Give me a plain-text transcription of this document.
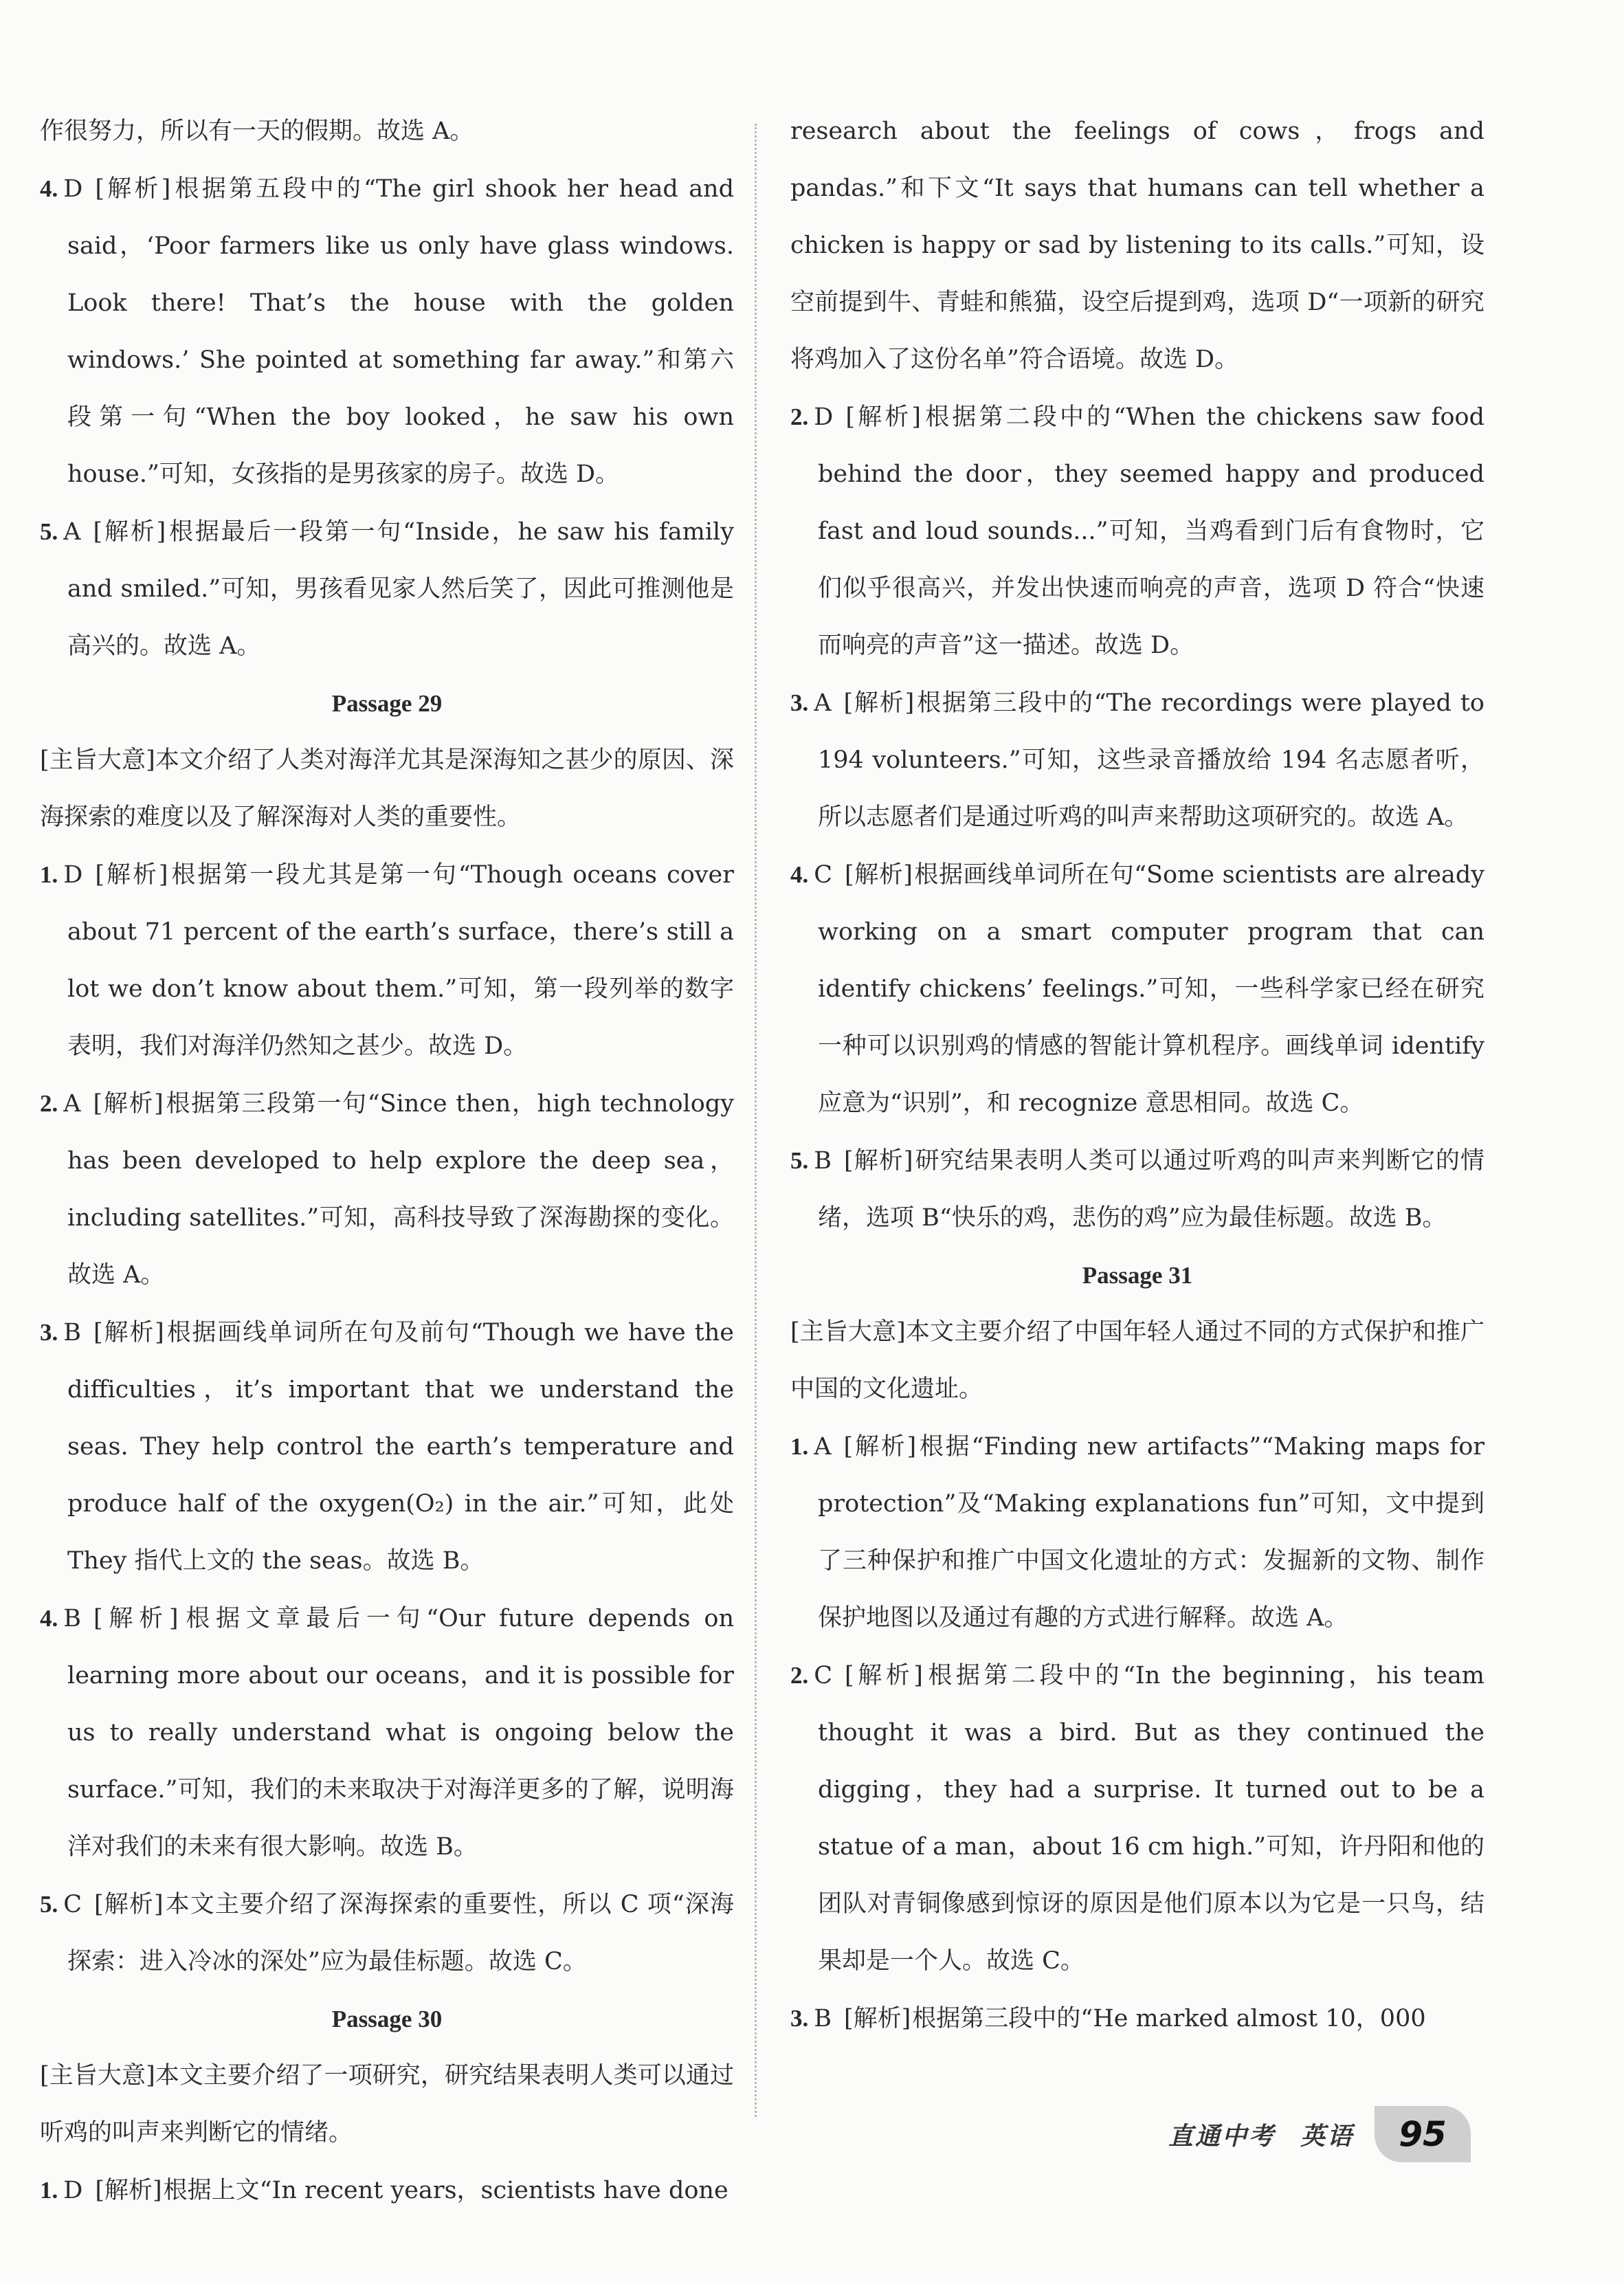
作很努力，所以有一天的假期。故选 A。

4. D [解析]根据第五段中的“The girl shook her head and said，‘Poor farmers like us only have glass windows. Look there! That’s the house with the golden windows.’ She pointed at something far away.”和第六段第一句“When the boy looked，he saw his own house.”可知，女孩指的是男孩家的房子。故选 D。

5. A [解析]根据最后一段第一句“Inside，he saw his family and smiled.”可知，男孩看见家人然后笑了，因此可推测他是高兴的。故选 A。

Passage 29

[主旨大意]本文介绍了人类对海洋尤其是深海知之甚少的原因、深海探索的难度以及了解深海对人类的重要性。

1. D [解析]根据第一段尤其是第一句“Though oceans cover about 71 percent of the earth’s surface，there’s still a lot we don’t know about them.”可知，第一段列举的数字表明，我们对海洋仍然知之甚少。故选 D。

2. A [解析]根据第三段第一句“Since then，high technology has been developed to help explore the deep sea，including satellites.”可知，高科技导致了深海勘探的变化。故选 A。

3. B [解析]根据画线单词所在句及前句“Though we have the difficulties，it’s important that we understand the seas. They help control the earth’s temperature and produce half of the oxygen(O₂) in the air.”可知，此处 They 指代上文的 the seas。故选 B。

4. B [解析]根据文章最后一句“Our future depends on learning more about our oceans，and it is possible for us to really understand what is ongoing below the surface.”可知，我们的未来取决于对海洋更多的了解，说明海洋对我们的未来有很大影响。故选 B。

5. C [解析]本文主要介绍了深海探索的重要性，所以 C 项“深海探索：进入冷冰的深处”应为最佳标题。故选 C。

Passage 30

[主旨大意]本文主要介绍了一项研究，研究结果表明人类可以通过听鸡的叫声来判断它的情绪。

1. D [解析]根据上文“In recent years，scientists have done

research about the feelings of cows，frogs and pandas.”和下文“It says that humans can tell whether a chicken is happy or sad by listening to its calls.”可知，设空前提到牛、青蛙和熊猫，设空后提到鸡，选项 D“一项新的研究将鸡加入了这份名单”符合语境。故选 D。

2. D [解析]根据第二段中的“When the chickens saw food behind the door，they seemed happy and produced fast and loud sounds...”可知，当鸡看到门后有食物时，它们似乎很高兴，并发出快速而响亮的声音，选项 D 符合“快速而响亮的声音”这一描述。故选 D。

3. A [解析]根据第三段中的“The recordings were played to 194 volunteers.”可知，这些录音播放给 194 名志愿者听，所以志愿者们是通过听鸡的叫声来帮助这项研究的。故选 A。

4. C [解析]根据画线单词所在句“Some scientists are already working on a smart computer program that can identify chickens’ feelings.”可知，一些科学家已经在研究一种可以识别鸡的情感的智能计算机程序。画线单词 identify 应意为“识别”，和 recognize 意思相同。故选 C。

5. B [解析]研究结果表明人类可以通过听鸡的叫声来判断它的情绪，选项 B“快乐的鸡，悲伤的鸡”应为最佳标题。故选 B。

Passage 31

[主旨大意]本文主要介绍了中国年轻人通过不同的方式保护和推广中国的文化遗址。

1. A [解析]根据“Finding new artifacts”“Making maps for protection”及“Making explanations fun”可知，文中提到了三种保护和推广中国文化遗址的方式：发掘新的文物、制作保护地图以及通过有趣的方式进行解释。故选 A。

2. C [解析]根据第二段中的“In the beginning，his team thought it was a bird. But as they continued the digging，they had a surprise. It turned out to be a statue of a man，about 16 cm high.”可知，许丹阳和他的团队对青铜像感到惊讶的原因是他们原本以为它是一只鸟，结果却是一个人。故选 C。

3. B [解析]根据第三段中的“He marked almost 10，000

直通中考 英语 95
